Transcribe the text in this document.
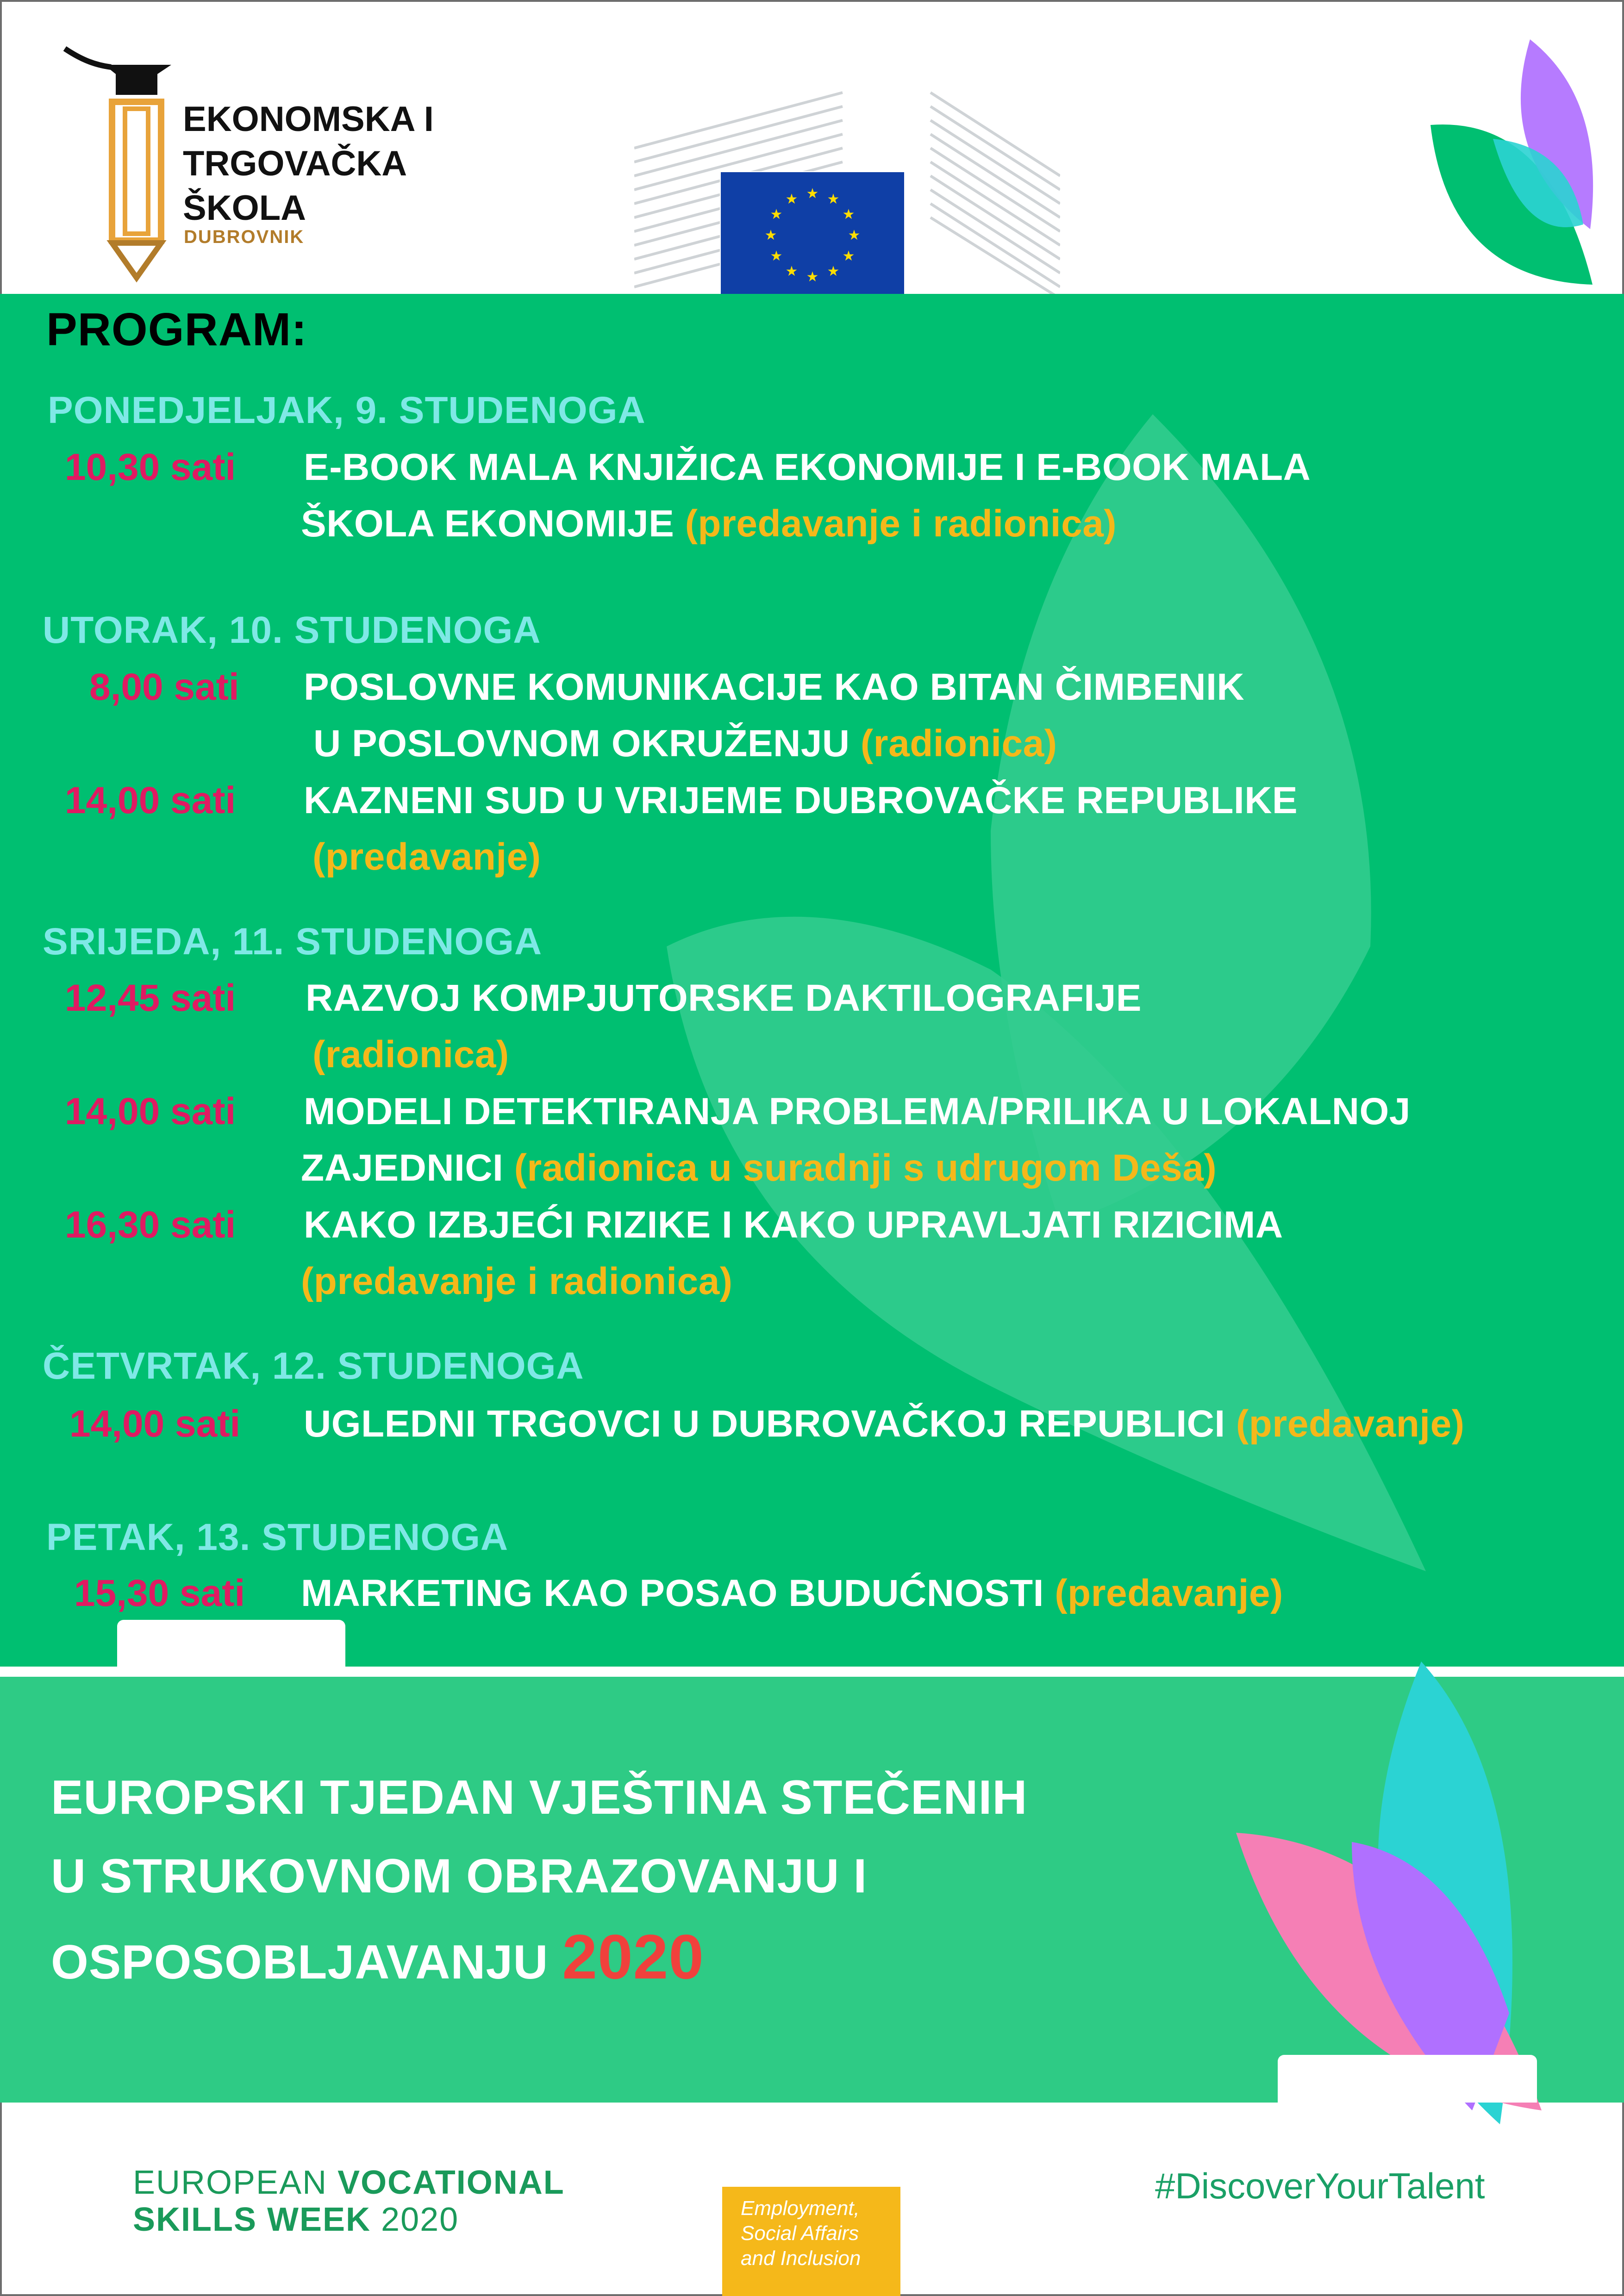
EKONOMSKA I
TRGOVAČKA
ŠKOLA
DUBROVNIK
★ ★
★
★
★
★
★
★
★
★
★
★
PROGRAM:
PONEDJELJAK, 9. STUDENOGA
10,30 sati E-BOOK MALA KNJIŽICA EKONOMIJE I E-BOOK MALA
ŠKOLA EKONOMIJE (predavanje i radionica)
UTORAK, 10. STUDENOGA
8,00 sati POSLOVNE KOMUNIKACIJE KAO BITAN ČIMBENIK
U POSLOVNOM OKRUŽENJU (radionica)
14,00 sati KAZNENI SUD U VRIJEME DUBROVAČKE REPUBLIKE
(predavanje)
SRIJEDA, 11. STUDENOGA
12,45 sati RAZVOJ KOMPJUTORSKE DAKTILOGRAFIJE
(radionica)
14,00 sati MODELI DETEKTIRANJA PROBLEMA/PRILIKA U LOKALNOJ
ZAJEDNICI (radionica u suradnji s udrugom Deša)
16,30 sati KAKO IZBJEĆI RIZIKE I KAKO UPRAVLJATI RIZICIMA
(predavanje i radionica)
ČETVRTAK, 12. STUDENOGA
14,00 sati UGLEDNI TRGOVCI U DUBROVAČKOJ REPUBLICI (predavanje)
PETAK, 13. STUDENOGA
15,30 sati MARKETING KAO POSAO BUDUĆNOSTI (predavanje)
EUROPSKI TJEDAN VJEŠTINA STEČENIH
U STRUKOVNOM OBRAZOVANJU I
OSPOSOBLJAVANJU 2020
EUROPEAN VOCATIONAL
SKILLS WEEK 2020	Employment,
Social Affairs
and Inclusion
#DiscoverYourTalent
